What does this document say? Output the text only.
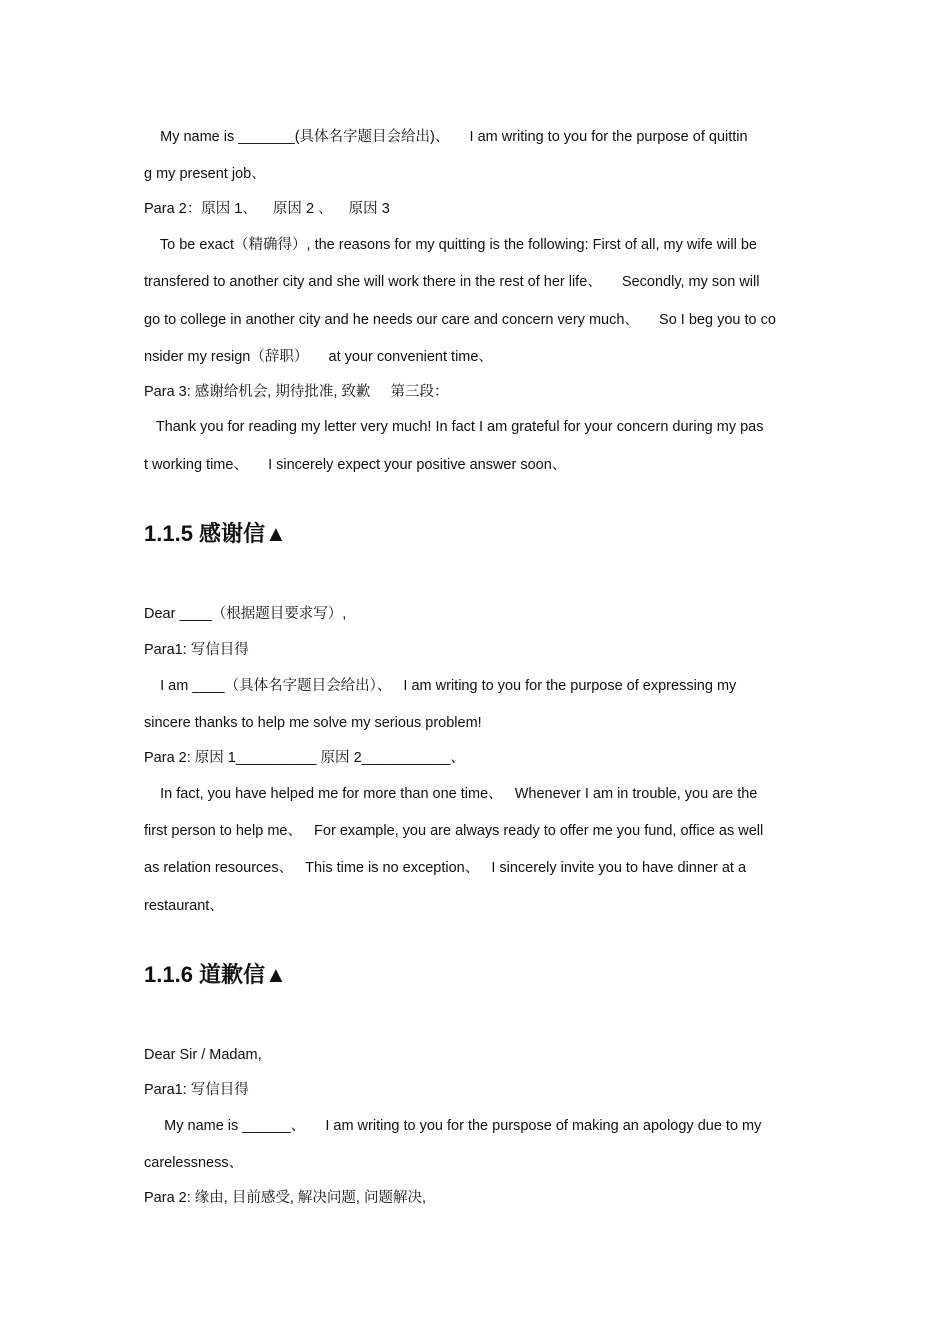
My name is _______(具体名字题目会给出)、     I am writing to you for the purpose of quittin
g my present job、
Para 2：原因 1、    原因 2 、    原因 3
To be exact（精确得）, the reasons for my quitting is the following: First of all, my wife will be
transfered to another city and she will work there in the rest of her life、     Secondly, my son will
go to college in another city and he needs our care and concern very much、     So I beg you to co
nsider my resign（辞职）     at your convenient time、
Para 3: 感谢给机会, 期待批准, 致歉     第三段：
Thank you for reading my letter very much! In fact I am grateful for your concern during my pas
t working time、     I sincerely expect your positive answer soon、
1.1.5 感谢信▲
Dear ____（根据题目要求写）,
Para1: 写信目得
I am ____（具体名字题目会给出）、   I am writing to you for the purpose of expressing my
sincere thanks to help me solve my serious problem!
Para 2: 原因 1__________ 原因 2___________、
In fact, you have helped me for more than one time、   Whenever I am in trouble, you are the
first person to help me、   For example, you are always ready to offer me you fund, office as well
as relation resources、   This time is no exception、   I sincerely invite you to have dinner at a
restaurant、
1.1.6 道歉信▲
Dear Sir / Madam,
Para1: 写信目得
My name is ______、     I am writing to you for the purspose of making an apology due to my
carelessness、
Para 2: 缘由, 目前感受, 解决问题, 问题解决,
